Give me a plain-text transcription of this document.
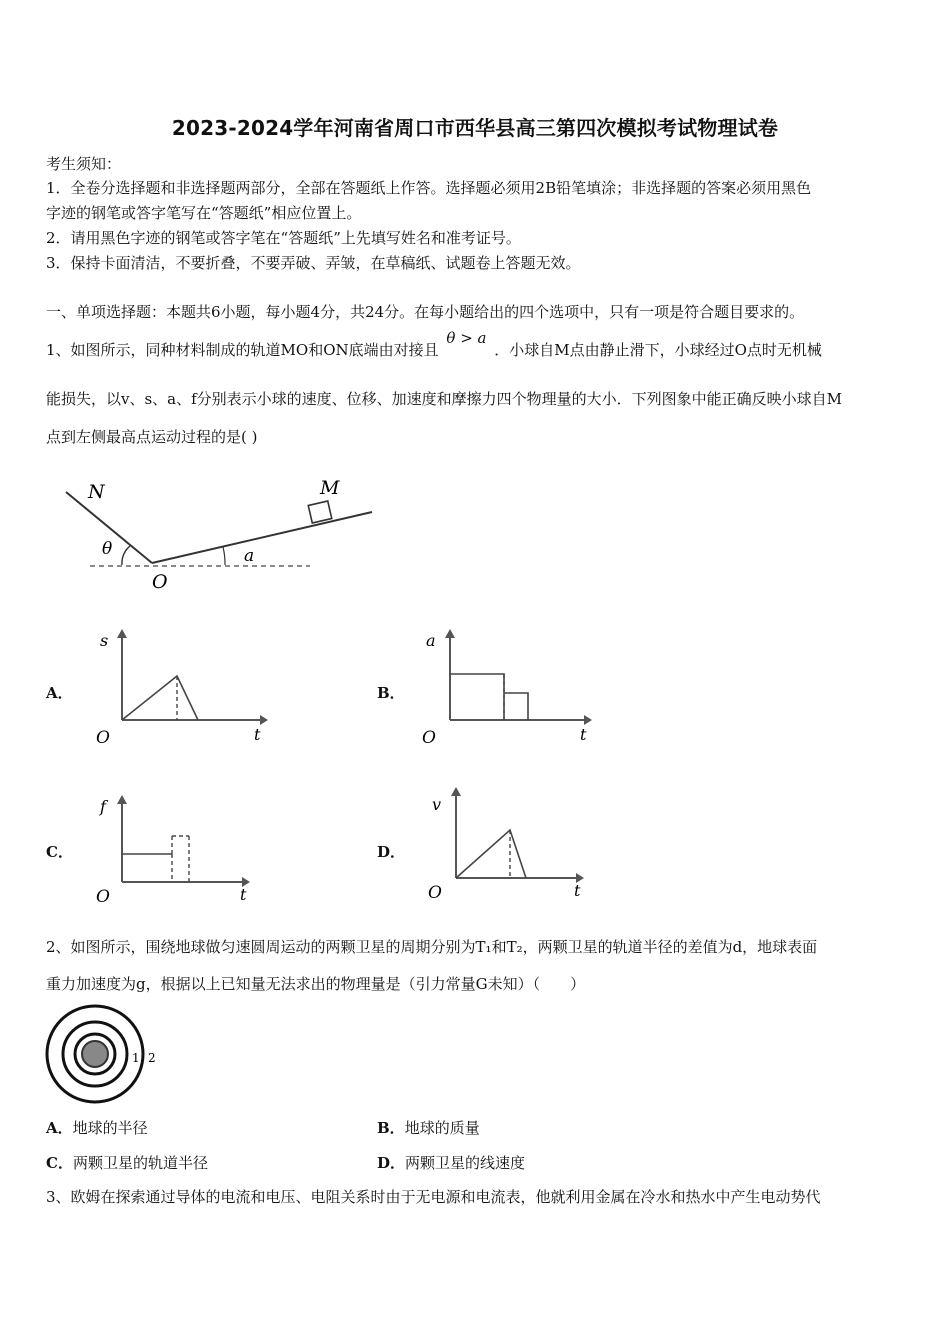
2023-2024学年河南省周口市西华县高三第四次模拟考试物理试卷
考生须知：
1．全卷分选择题和非选择题两部分，全部在答题纸上作答。选择题必须用2B铅笔填涂；非选择题的答案必须用黑色
字迹的钢笔或答字笔写在“答题纸”相应位置上。
2．请用黑色字迹的钢笔或答字笔在“答题纸”上先填写姓名和准考证号。
3．保持卡面清洁，不要折叠，不要弄破、弄皱，在草稿纸、试题卷上答题无效。
一、单项选择题：本题共6小题，每小题4分，共24分。在每小题给出的四个选项中，只有一项是符合题目要求的。
1、如图所示，同种材料制成的轨道MO和ON底端由对接且 θ > a ．小球自M点由静止滑下，小球经过O点时无机械
能损失，以v、s、a、f分别表示小球的速度、位移、加速度和摩擦力四个物理量的大小．下列图象中能正确反映小球自M
点到左侧最高点运动过程的是( )
N	M
O
θ	a
A．
s
O	t
B．
a
O	t
C．
f
O	t
D．
v
O	t
2、如图所示，围绕地球做匀速圆周运动的两颗卫星的周期分别为T₁和T₂，两颗卫星的轨道半径的差值为d，地球表面
重力加速度为g，根据以上已知量无法求出的物理量是（引力常量G未知）（　　）
1 2
A．地球的半径	B．地球的质量
C．两颗卫星的轨道半径	D．两颗卫星的线速度
3、欧姆在探索通过导体的电流和电压、电阻关系时由于无电源和电流表，他就利用金属在冷水和热水中产生电动势代
